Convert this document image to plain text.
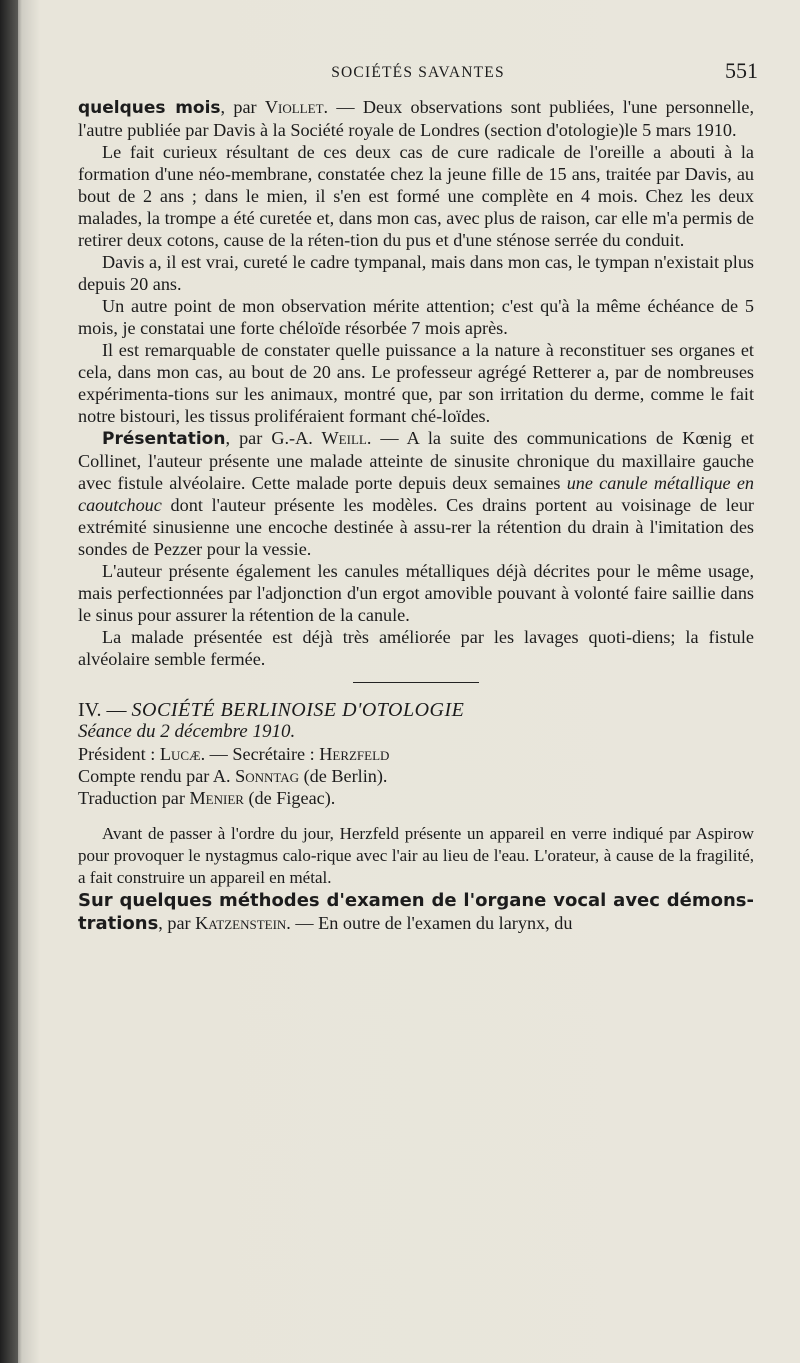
SOCIÉTÉS SAVANTES	551

quelques mois, par Viollet. — Deux observations sont publiées, l'une personnelle, l'autre publiée par Davis à la Société royale de Londres (section d'otologie)le 5 mars 1910.

Le fait curieux résultant de ces deux cas de cure radicale de l'oreille a abouti à la formation d'une néo-membrane, constatée chez la jeune fille de 15 ans, traitée par Davis, au bout de 2 ans ; dans le mien, il s'en est formé une complète en 4 mois. Chez les deux malades, la trompe a été curetée et, dans mon cas, avec plus de raison, car elle m'a permis de retirer deux cotons, cause de la réten-tion du pus et d'une sténose serrée du conduit.

Davis a, il est vrai, cureté le cadre tympanal, mais dans mon cas, le tympan n'existait plus depuis 20 ans.

Un autre point de mon observation mérite attention; c'est qu'à la même échéance de 5 mois, je constatai une forte chéloïde résorbée 7 mois après.

Il est remarquable de constater quelle puissance a la nature à reconstituer ses organes et cela, dans mon cas, au bout de 20 ans. Le professeur agrégé Retterer a, par de nombreuses expérimenta-tions sur les animaux, montré que, par son irritation du derme, comme le fait notre bistouri, les tissus proliféraient formant ché-loïdes.

Présentation, par G.-A. Weill. — A la suite des communications de Kœnig et Collinet, l'auteur présente une malade atteinte de sinusite chronique du maxillaire gauche avec fistule alvéolaire. Cette malade porte depuis deux semaines une canule métallique en caoutchouc dont l'auteur présente les modèles. Ces drains portent au voisinage de leur extrémité sinusienne une encoche destinée à assu-rer la rétention du drain à l'imitation des sondes de Pezzer pour la vessie.

L'auteur présente également les canules métalliques déjà décrites pour le même usage, mais perfectionnées par l'adjonction d'un ergot amovible pouvant à volonté faire saillie dans le sinus pour assurer la rétention de la canule.

La malade présentée est déjà très améliorée par les lavages quoti-diens; la fistule alvéolaire semble fermée.

IV. — SOCIÉTÉ BERLINOISE D'OTOLOGIE

Séance du 2 décembre 1910.

Président : Lucæ. — Secrétaire : Herzfeld

Compte rendu par A. Sonntag (de Berlin).

Traduction par Menier (de Figeac).

Avant de passer à l'ordre du jour, Herzfeld présente un appareil en verre indiqué par Aspirow pour provoquer le nystagmus calo-rique avec l'air au lieu de l'eau. L'orateur, à cause de la fragilité, a fait construire un appareil en métal.

Sur quelques méthodes d'examen de l'organe vocal avec démons-trations, par Katzenstein. — En outre de l'examen du larynx, du
